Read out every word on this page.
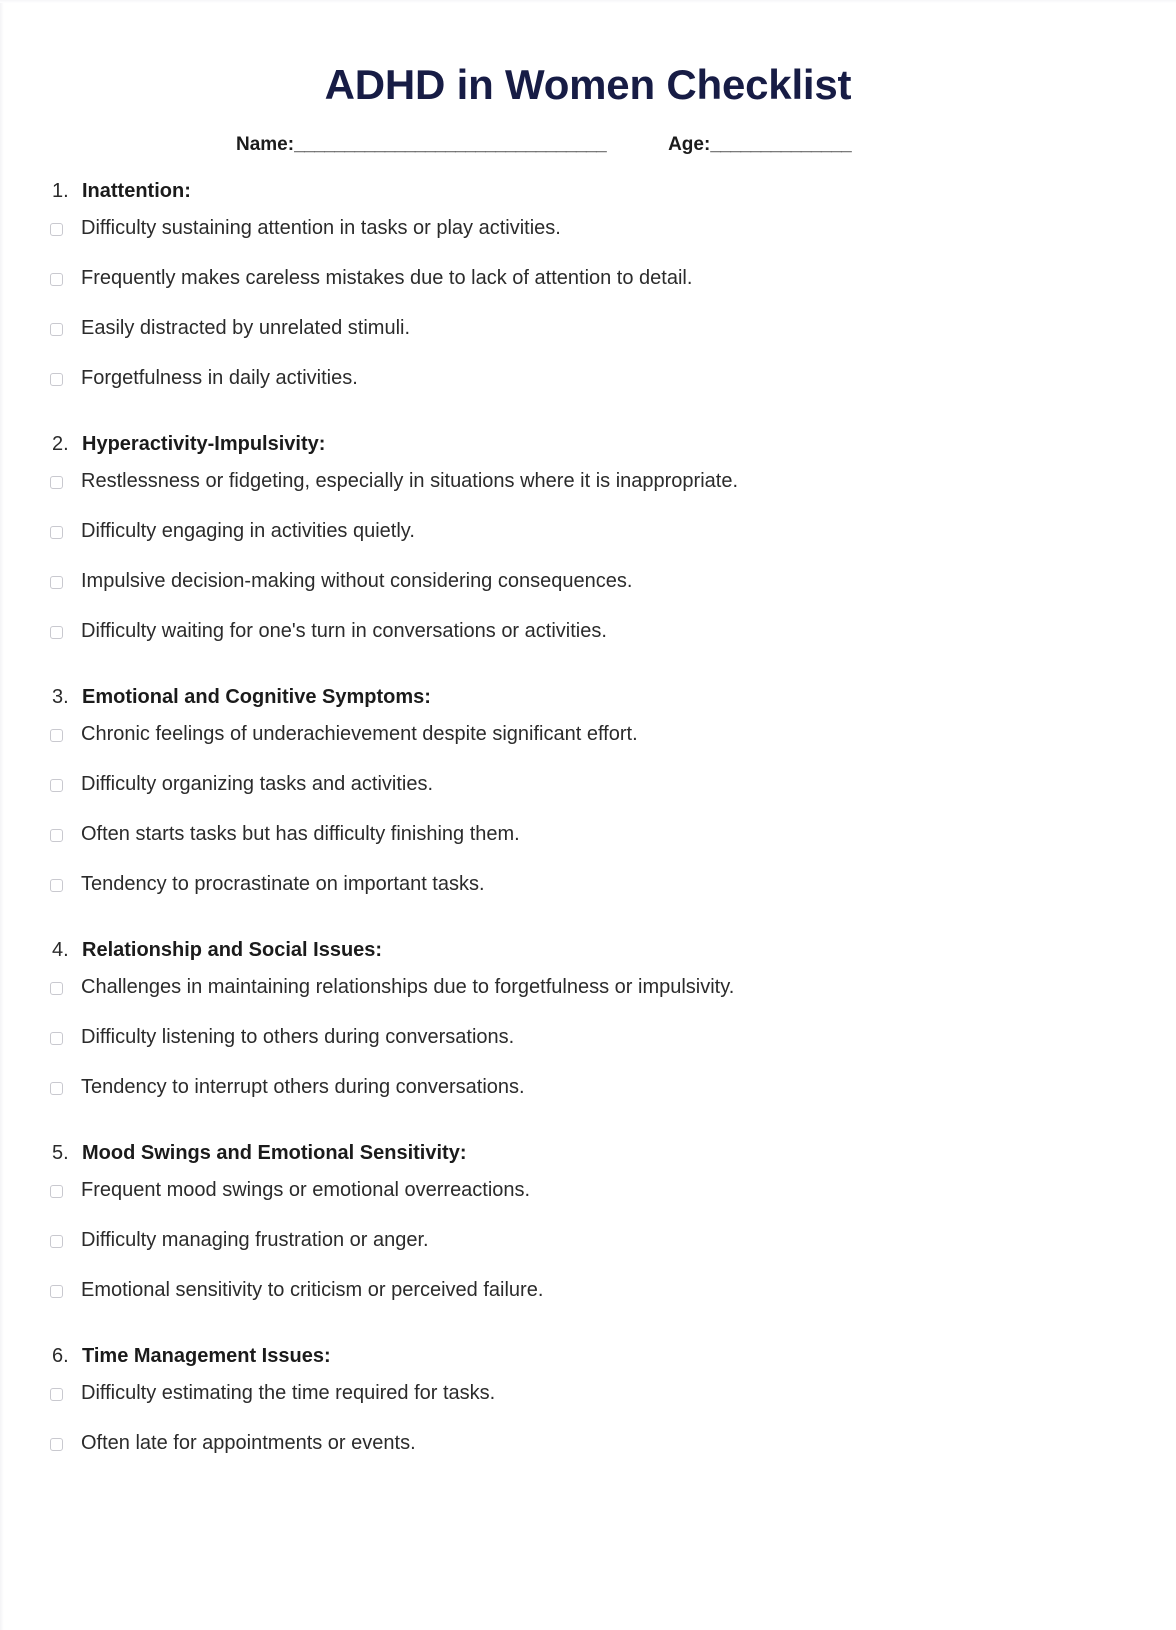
ADHD in Women Checklist
Name: _______________________________	Age: ______________
1. Inattention:
Difficulty sustaining attention in tasks or play activities.
Frequently makes careless mistakes due to lack of attention to detail.
Easily distracted by unrelated stimuli.
Forgetfulness in daily activities.
2. Hyperactivity-Impulsivity:
Restlessness or fidgeting, especially in situations where it is inappropriate.
Difficulty engaging in activities quietly.
Impulsive decision-making without considering consequences.
Difficulty waiting for one's turn in conversations or activities.
3. Emotional and Cognitive Symptoms:
Chronic feelings of underachievement despite significant effort.
Difficulty organizing tasks and activities.
Often starts tasks but has difficulty finishing them.
Tendency to procrastinate on important tasks.
4. Relationship and Social Issues:
Challenges in maintaining relationships due to forgetfulness or impulsivity.
Difficulty listening to others during conversations.
Tendency to interrupt others during conversations.
5. Mood Swings and Emotional Sensitivity:
Frequent mood swings or emotional overreactions.
Difficulty managing frustration or anger.
Emotional sensitivity to criticism or perceived failure.
6. Time Management Issues:
Difficulty estimating the time required for tasks.
Often late for appointments or events.
